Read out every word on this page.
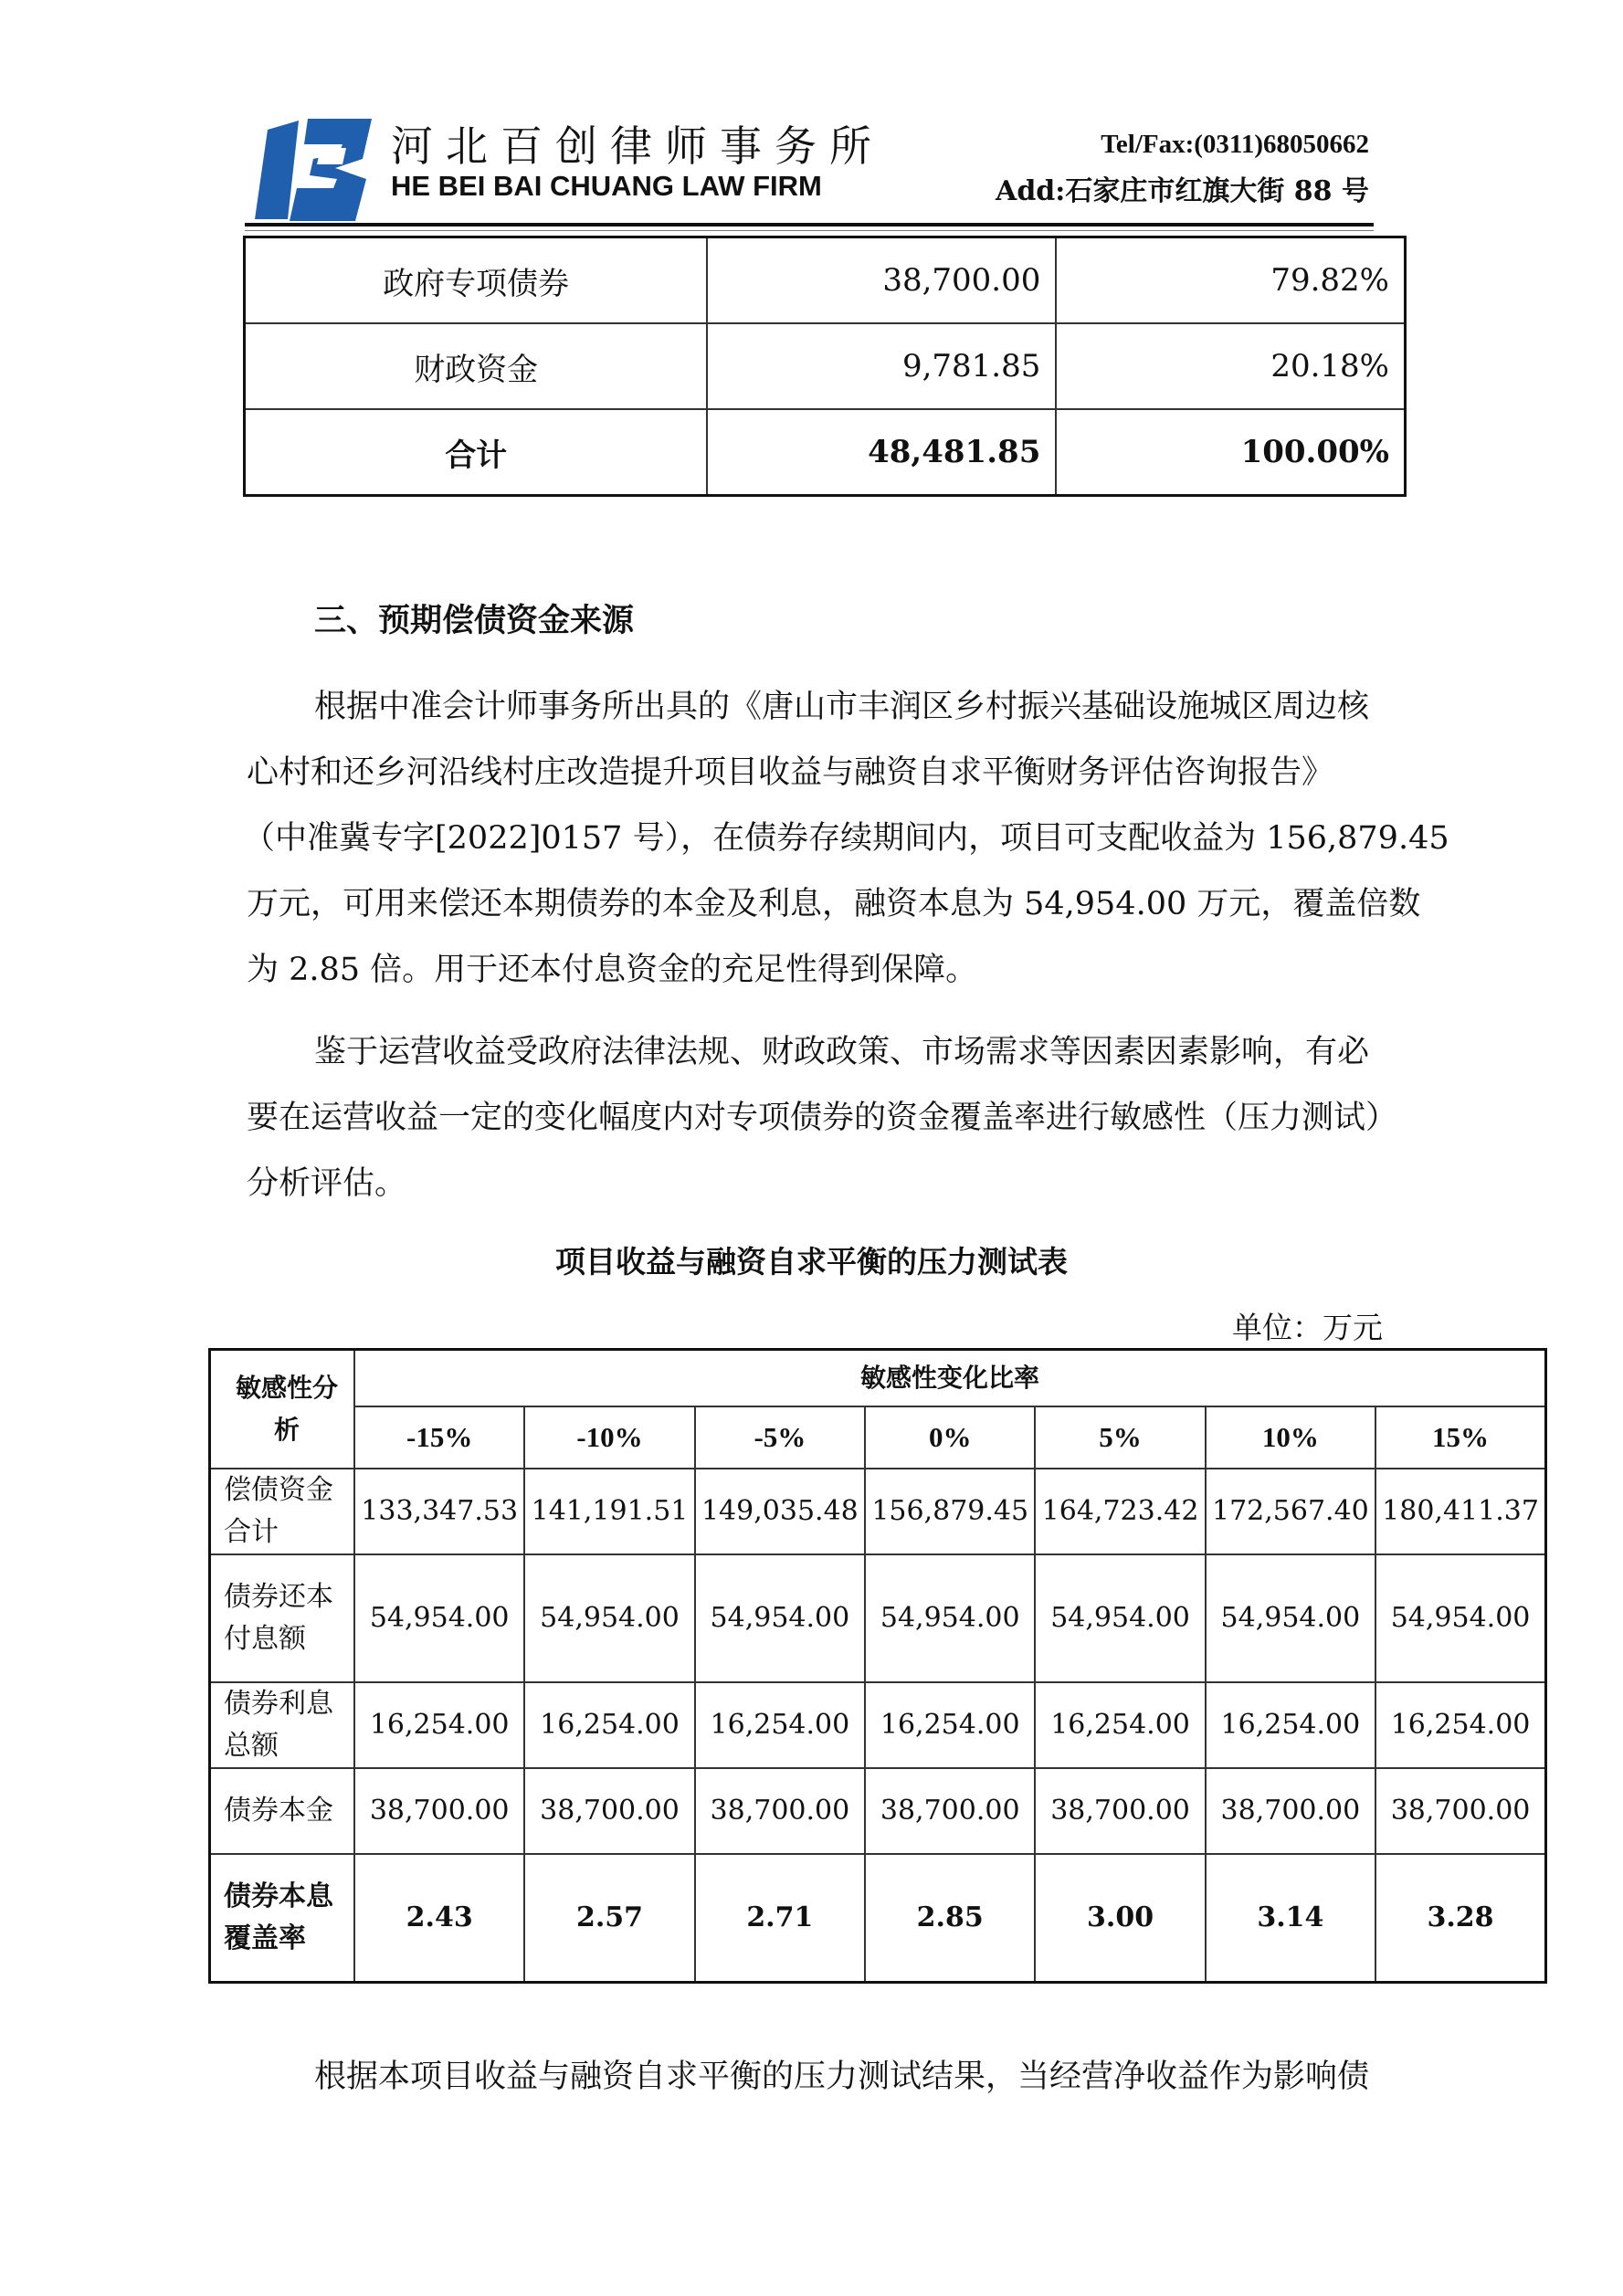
河北百创律师事务所
HE BEI BAI CHUANG LAW FIRM
Tel/Fax:(0311)68050662
Add:石家庄市红旗大街 88 号
政府专项债券	38,700.00	79.82%
财政资金	9,781.85	20.18%
合计	48,481.85	100.00%
三、预期偿债资金来源
根据中准会计师事务所出具的《唐山市丰润区乡村振兴基础设施城区周边核
心村和还乡河沿线村庄改造提升项目收益与融资自求平衡财务评估咨询报告》
（中准冀专字[2022]0157 号），在债券存续期间内，项目可支配收益为 156,879.45
万元，可用来偿还本期债券的本金及利息，融资本息为 54,954.00 万元，覆盖倍数
为 2.85 倍。用于还本付息资金的充足性得到保障。
鉴于运营收益受政府法律法规、财政政策、市场需求等因素因素影响，有必
要在运营收益一定的变化幅度内对专项债券的资金覆盖率进行敏感性（压力测试）
分析评估。
项目收益与融资自求平衡的压力测试表
单位：万元
敏感性分析	敏感性变化比率						
	-15%	-10%	-5%	0%	5%	10%	15%
偿债资金合计	133,347.53	141,191.51	149,035.48	156,879.45	164,723.42	172,567.40	180,411.37
债券还本付息额	54,954.00	54,954.00	54,954.00	54,954.00	54,954.00	54,954.00	54,954.00
债券利息总额	16,254.00	16,254.00	16,254.00	16,254.00	16,254.00	16,254.00	16,254.00
债券本金	38,700.00	38,700.00	38,700.00	38,700.00	38,700.00	38,700.00	38,700.00
债券本息覆盖率	2.43	2.57	2.71	2.85	3.00	3.14	3.28
根据本项目收益与融资自求平衡的压力测试结果，当经营净收益作为影响债
